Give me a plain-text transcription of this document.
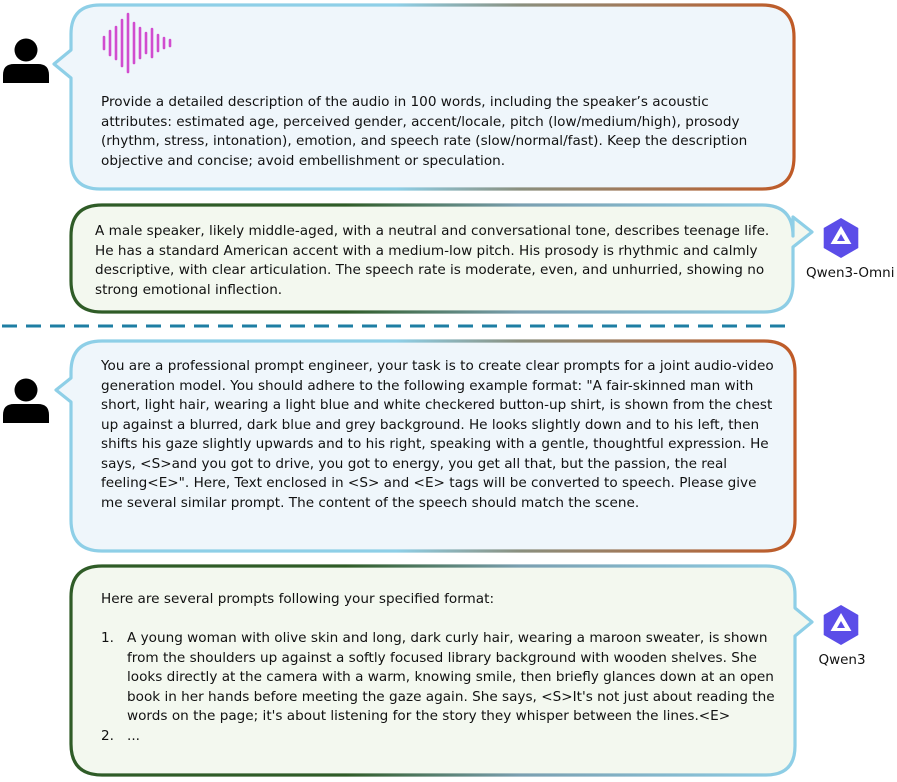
Provide a detailed description of the audio in 100 words, including the speaker’s acoustic attributes: estimated age, perceived gender, accent/locale, pitch (low/medium/high), prosody (rhythm, stress, intonation), emotion, and speech rate (slow/normal/fast). Keep the description objective and concise; avoid embellishment or speculation.
A male speaker, likely middle-aged, with a neutral and conversational tone, describes teenage life. He has a standard American accent with a medium-low pitch. His prosody is rhythmic and calmly descriptive, with clear articulation. The speech rate is moderate, even, and unhurried, showing no strong emotional inflection.
Qwen3-Omni
You are a professional prompt engineer, your task is to create clear prompts for a joint audio-video generation model. You should adhere to the following example format: "A fair-skinned man with short, light hair, wearing a light blue and white checkered button-up shirt, is shown from the chest up against a blurred, dark blue and grey background. He looks slightly down and to his left, then shifts his gaze slightly upwards and to his right, speaking with a gentle, thoughtful expression. He says, <S>and you got to drive, you got to energy, you get all that, but the passion, the real feeling<E>". Here, Text enclosed in <S> and <E> tags will be converted to speech. Please give me several similar prompt. The content of the speech should match the scene.
Here are several prompts following your specified format:
1. A young woman with olive skin and long, dark curly hair, wearing a maroon sweater, is shown from the shoulders up against a softly focused library background with wooden shelves. She looks directly at the camera with a warm, knowing smile, then briefly glances down at an open book in her hands before meeting the gaze again. She says, <S>It's not just about reading the words on the page; it's about listening for the story they whisper between the lines.<E>
2. ...
Qwen3
